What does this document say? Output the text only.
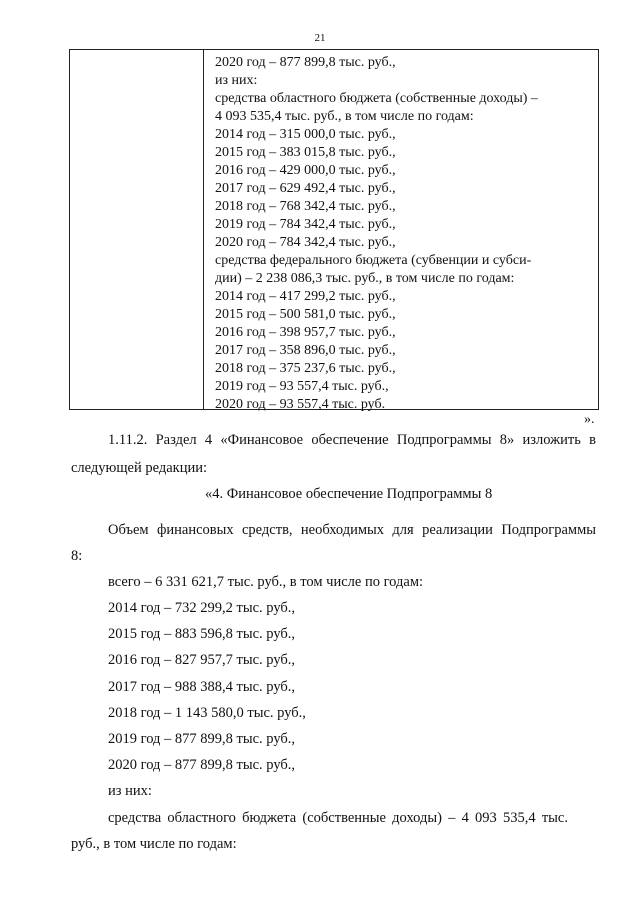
21
2020 год – 877 899,8 тыс. руб.,
из них:
средства областного бюджета (собственные доходы) –
4 093 535,4 тыс. руб., в том числе по годам:
2014 год – 315 000,0 тыс. руб.,
2015 год – 383 015,8 тыс. руб.,
2016 год – 429 000,0 тыс. руб.,
2017 год – 629 492,4 тыс. руб.,
2018 год – 768 342,4 тыс. руб.,
2019 год – 784 342,4 тыс. руб.,
2020 год – 784 342,4 тыс. руб.,
средства федерального бюджета (субвенции и субси-
дии) – 2 238 086,3 тыс. руб., в том числе по годам:
2014 год – 417 299,2 тыс. руб.,
2015 год – 500 581,0 тыс. руб.,
2016 год – 398 957,7 тыс. руб.,
2017 год – 358 896,0 тыс. руб.,
2018 год – 375 237,6 тыс. руб.,
2019 год – 93 557,4 тыс. руб.,
2020 год – 93 557,4 тыс. руб.
».
1.11.2. Раздел 4 «Финансовое обеспечение Подпрограммы 8» изложить в
следующей редакции:
«4. Финансовое обеспечение Подпрограммы 8
Объем финансовых средств, необходимых для реализации Подпрограммы
8:
всего – 6 331 621,7 тыс. руб., в том числе по годам:
2014 год – 732 299,2 тыс. руб.,
2015 год – 883 596,8 тыс. руб.,
2016 год – 827 957,7 тыс. руб.,
2017 год – 988 388,4 тыс. руб.,
2018 год – 1 143 580,0 тыс. руб.,
2019 год – 877 899,8 тыс. руб.,
2020 год – 877 899,8 тыс. руб.,
из них:
средства областного бюджета (собственные доходы) – 4 093 535,4 тыс.
руб., в том числе по годам:
